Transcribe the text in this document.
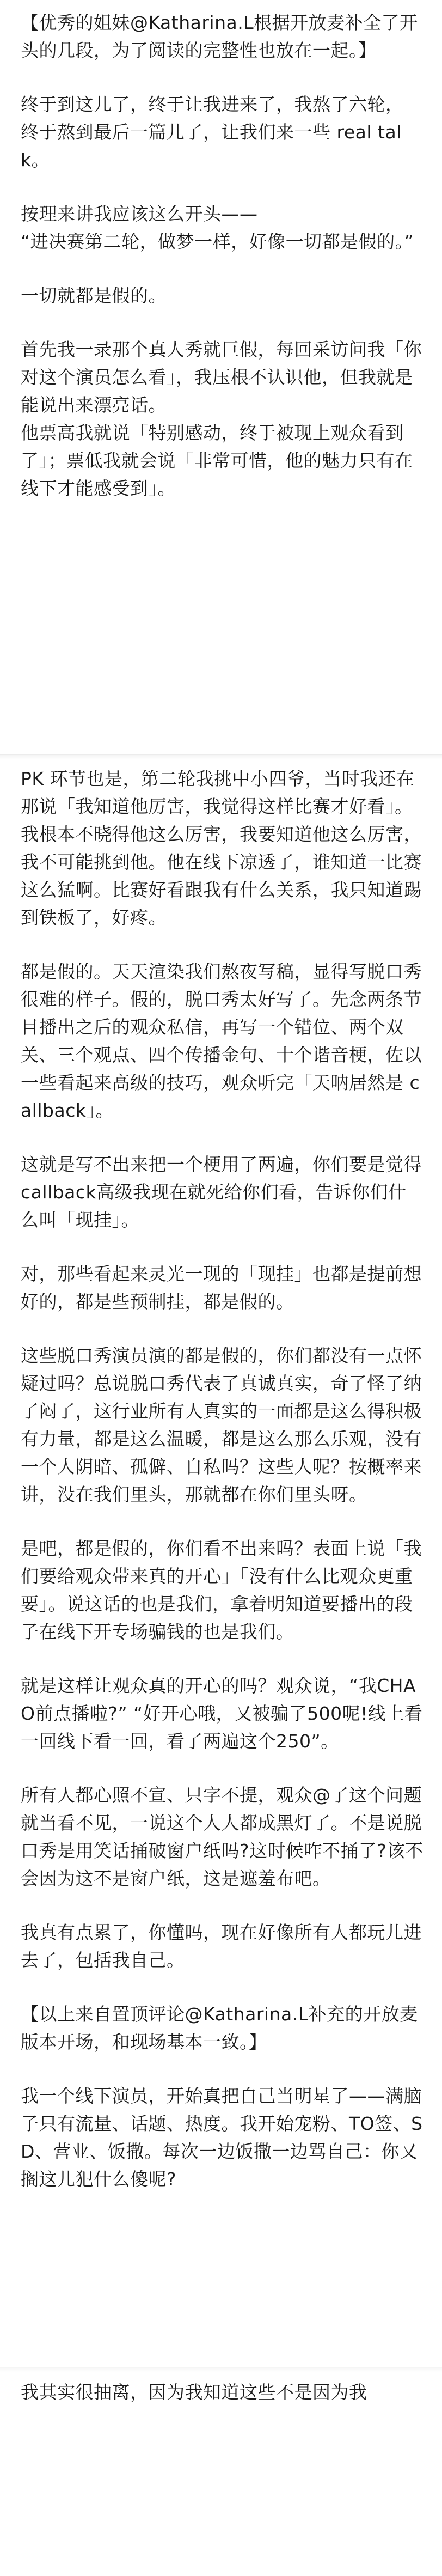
【优秀的姐妹@Katharina.L根据开放麦补全了开头的几段，为了阅读的完整性也放在一起。】

终于到这儿了，终于让我进来了，我熬了六轮，
终于熬到最后一篇儿了，让我们来一些 real talk。

按理来讲我应该这么开头——
“进决赛第二轮，做梦一样，好像一切都是假的。”

一切就都是假的。

首先我一录那个真人秀就巨假，每回采访问我「你对这个演员怎么看」，我压根不认识他，但我就是能说出来漂亮话。
他票高我就说「特别感动，终于被现上观众看到了」；票低我就会说「非常可惜，他的魅力只有在线下才能感受到」。

PK 环节也是，第二轮我挑中小四爷，当时我还在那说「我知道他厉害，我觉得这样比赛才好看」。我根本不晓得他这么厉害，我要知道他这么厉害，我不可能挑到他。他在线下凉透了，谁知道一比赛这么猛啊。比赛好看跟我有什么关系，我只知道踢到铁板了，好疼。

都是假的。天天渲染我们熬夜写稿，显得写脱口秀很难的样子。假的，脱口秀太好写了。先念两条节目播出之后的观众私信，再写一个错位、两个双关、三个观点、四个传播金句、十个谐音梗，佐以一些看起来高级的技巧，观众听完「天呐居然是 callback」。

这就是写不出来把一个梗用了两遍，你们要是觉得callback高级我现在就死给你们看，告诉你们什么叫「现挂」。

对，那些看起来灵光一现的「现挂」也都是提前想好的，都是些预制挂，都是假的。

这些脱口秀演员演的都是假的，你们都没有一点怀疑过吗？总说脱口秀代表了真诚真实，奇了怪了纳了闷了，这行业所有人真实的一面都是这么得积极有力量，都是这么温暖，都是这么那么乐观，没有一个人阴暗、孤僻、自私吗？这些人呢？按概率来讲，没在我们里头，那就都在你们里头呀。

是吧，都是假的，你们看不出来吗？表面上说「我们要给观众带来真的开心」「没有什么比观众更重要」。说这话的也是我们，拿着明知道要播出的段子在线下开专场骗钱的也是我们。

就是这样让观众真的开心的吗？观众说，“我CHAO前点播啦?” “好开心哦，又被骗了500呢!线上看一回线下看一回，看了两遍这个250”。

所有人都心照不宣、只字不提，观众@了这个问题就当看不见，一说这个人人都成黑灯了。不是说脱口秀是用笑话捅破窗户纸吗?这时候咋不捅了?该不会因为这不是窗户纸，这是遮羞布吧。

我真有点累了，你懂吗，现在好像所有人都玩儿进去了，包括我自己。

【以上来自置顶评论@Katharina.L补充的开放麦版本开场，和现场基本一致。】

我一个线下演员，开始真把自己当明星了——满脑子只有流量、话题、热度。我开始宠粉、TO签、SD、营业、饭撒。每次一边饭撒一边骂自己：你又搁这儿犯什么傻呢?

我其实很抽离，因为我知道这些不是因为我
